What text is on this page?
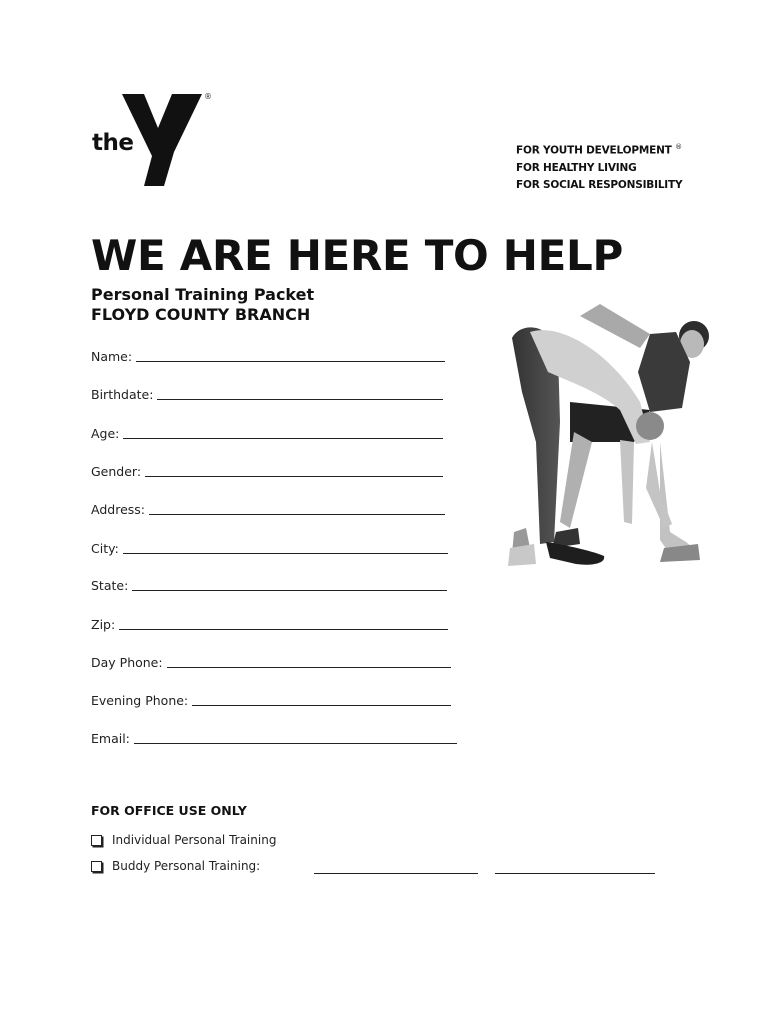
the
®
FOR YOUTH DEVELOPMENT ®
FOR HEALTHY LIVING
FOR SOCIAL RESPONSIBILITY
WE ARE HERE TO HELP
Personal Training Packet
FLOYD COUNTY BRANCH
Name:
Birthdate:
Age:
Gender:
Address:
City:
State:
Zip:
Day Phone:
Evening Phone:
Email:
FOR OFFICE USE ONLY
Individual Personal Training
Buddy Personal Training:
